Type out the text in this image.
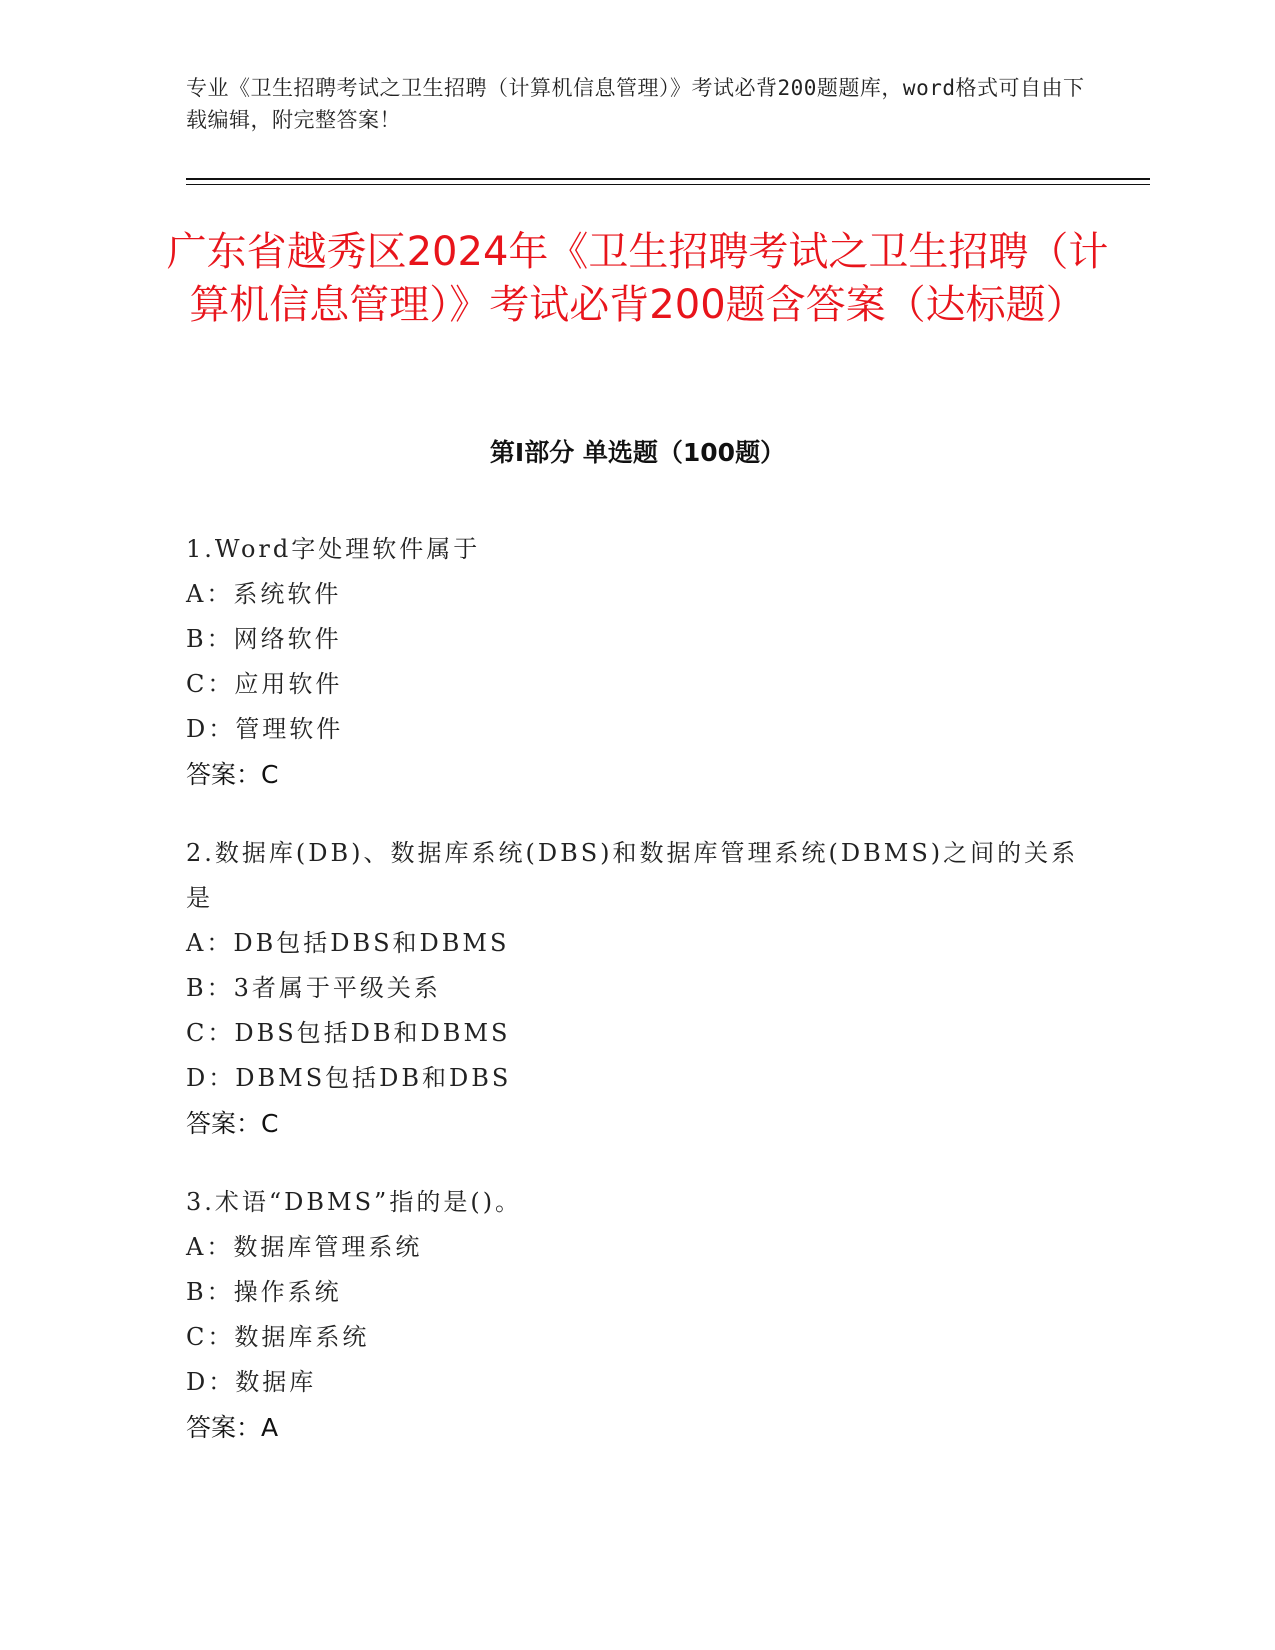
专业《卫生招聘考试之卫生招聘（计算机信息管理）》考试必背200题题库，word格式可自由下载编辑，附完整答案！
广东省越秀区2024年《卫生招聘考试之卫生招聘（计算机信息管理）》考试必背200题含答案（达标题）
第Ⅰ部分 单选题（100题）

1.Word字处理软件属于

A：系统软件

B：网络软件

C：应用软件

D：管理软件

答案：C

2.数据库(DB)、数据库系统(DBS)和数据库管理系统(DBMS)之间的关系是

A：DB包括DBS和DBMS

B：3者属于平级关系

C：DBS包括DB和DBMS

D：DBMS包括DB和DBS

答案：C

3.术语“DBMS”指的是()。

A：数据库管理系统

B：操作系统

C：数据库系统

D：数据库

答案：A
